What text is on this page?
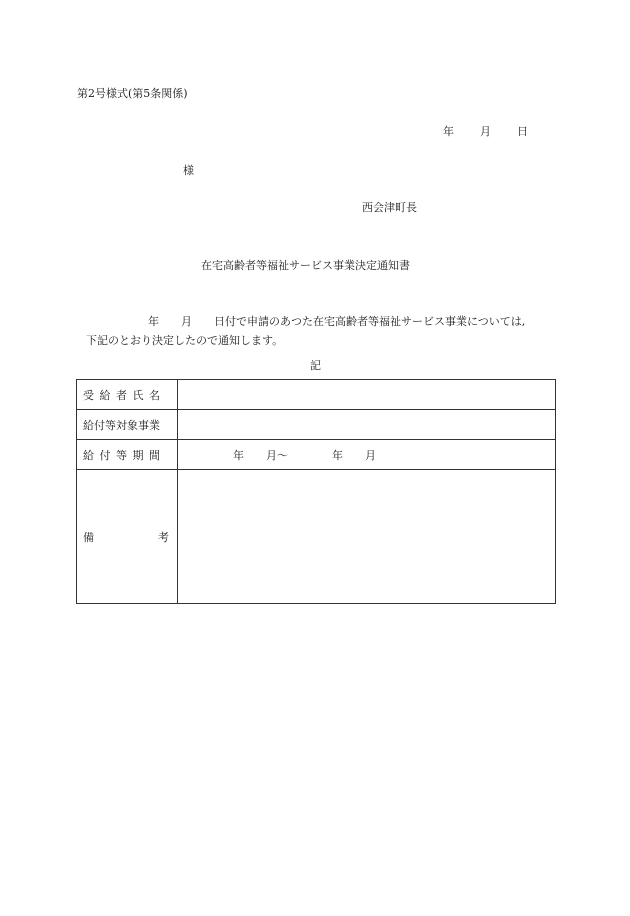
第2号様式(第5条関係)
年 月 日
様
西会津町長
在宅高齢者等福祉サービス事業決定通知書
年　　月　　日付で申請のあつた在宅高齢者等福祉サービス事業については,
下記のとおり決定したので通知します。
記
受給者氏名	
給付等対象事業	
給付等期間	年　　月〜　　　　年　　月

備 考	
